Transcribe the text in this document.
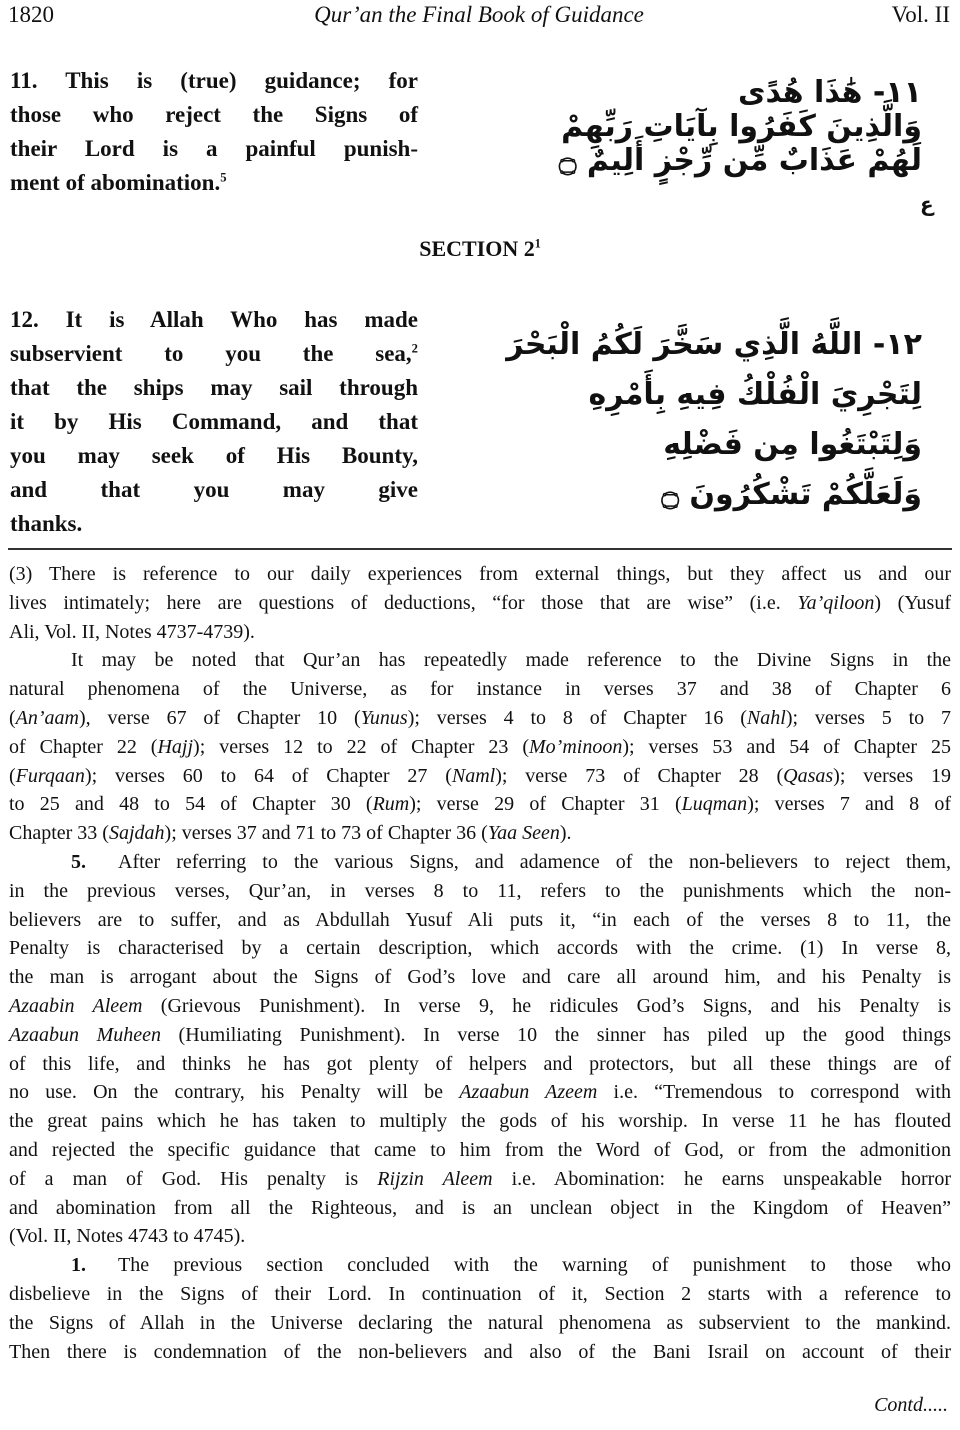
1820	Qur’an the Final Book of Guidance	Vol. II
11. This is (true) guidance; for
those who reject the Signs of
their Lord is a painful punish-
ment of abomination.$^5$
١١- هَٰذَا هُدًى
وَالَّذِينَ كَفَرُوا بِآيَاتِ رَبِّهِمْ
لَهُمْ عَذَابٌ مِّن رِّجْزٍ أَلِيمٌ ۝
ع
SECTION $2^1$
12. It is Allah Who has made
subservient to you the sea,$^2$
that the ships may sail through
it by His Command, and that
you may seek of His Bounty,
and that you may give
thanks.
١٢- اللَّهُ الَّذِي سَخَّرَ لَكُمُ الْبَحْرَ
لِتَجْرِيَ الْفُلْكُ فِيهِ بِأَمْرِهِ
وَلِتَبْتَغُوا مِن فَضْلِهِ
وَلَعَلَّكُمْ تَشْكُرُونَ ۝
(3) There is reference to our daily experiences from external things, but they affect us and our
lives intimately; here are questions of deductions, “for those that are wise” (i.e. Ya’qiloon) (Yusuf
Ali, Vol. II, Notes 4737-4739).
It may be noted that Qur’an has repeatedly made reference to the Divine Signs in the
natural phenomena of the Universe, as for instance in verses 37 and 38 of Chapter 6
(An’aam), verse 67 of Chapter 10 (Yunus); verses 4 to 8 of Chapter 16 (Nahl); verses 5 to 7
of Chapter 22 (Hajj); verses 12 to 22 of Chapter 23 (Mo’minoon); verses 53 and 54 of Chapter 25
(Furqaan); verses 60 to 64 of Chapter 27 (Naml); verse 73 of Chapter 28 (Qasas); verses 19
to 25 and 48 to 54 of Chapter 30 (Rum); verse 29 of Chapter 31 (Luqman); verses 7 and 8 of
Chapter 33 (Sajdah); verses 37 and 71 to 73 of Chapter 36 (Yaa Seen).
5. After referring to the various Signs, and adamence of the non-believers to reject them,
in the previous verses, Qur’an, in verses 8 to 11, refers to the punishments which the non-
believers are to suffer, and as Abdullah Yusuf Ali puts it, “in each of the verses 8 to 11, the
Penalty is characterised by a certain description, which accords with the crime. (1) In verse 8,
the man is arrogant about the Signs of God’s love and care all around him, and his Penalty is
Azaabin Aleem (Grievous Punishment). In verse 9, he ridicules God’s Signs, and his Penalty is
Azaabun Muheen (Humiliating Punishment). In verse 10 the sinner has piled up the good things
of this life, and thinks he has got plenty of helpers and protectors, but all these things are of
no use. On the contrary, his Penalty will be Azaabun Azeem i.e. “Tremendous to correspond with
the great pains which he has taken to multiply the gods of his worship. In verse 11 he has flouted
and rejected the specific guidance that came to him from the Word of God, or from the admonition
of a man of God. His penalty is Rijzin Aleem i.e. Abomination: he earns unspeakable horror
and abomination from all the Righteous, and is an unclean object in the Kingdom of Heaven”
(Vol. II, Notes 4743 to 4745).
1. The previous section concluded with the warning of punishment to those who
disbelieve in the Signs of their Lord. In continuation of it, Section 2 starts with a reference to
the Signs of Allah in the Universe declaring the natural phenomena as subservient to the mankind.
Then there is condemnation of the non-believers and also of the Bani Israil on account of their
Contd.....
